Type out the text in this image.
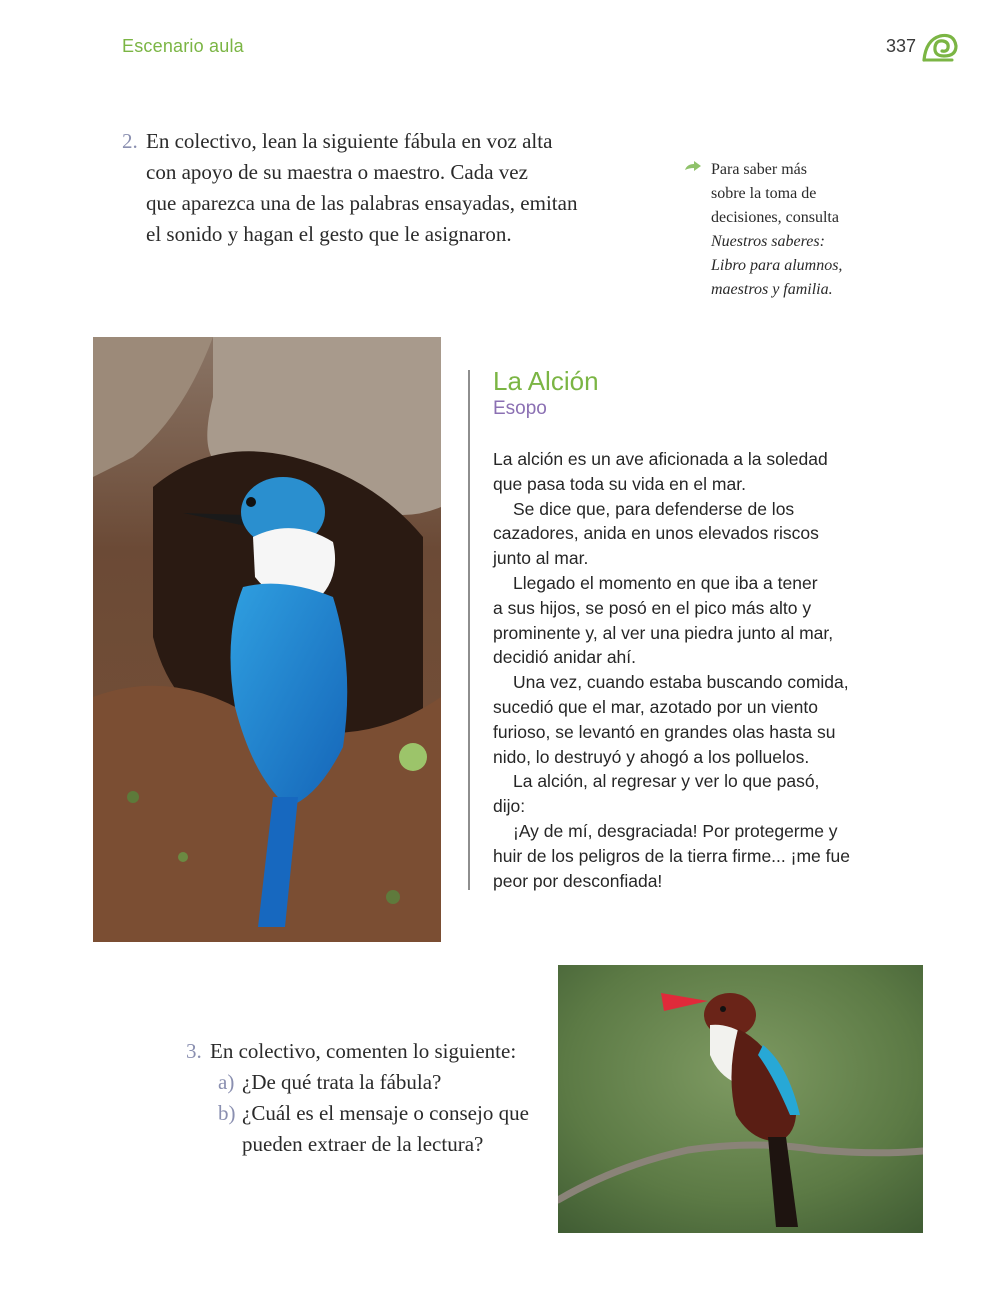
Escenario aula	337
2. En colectivo, lean la siguiente fábula en voz alta
con apoyo de su maestra o maestro. Cada vez
que aparezca una de las palabras ensayadas, emitan
el sonido y hagan el gesto que le asignaron.
Para saber más
sobre la toma de
decisiones, consulta
Nuestros saberes:
Libro para alumnos,
maestros y familia.
La Alción
Esopo
La alción es un ave aficionada a la soledad
que pasa toda su vida en el mar.
Se dice que, para defenderse de los
cazadores, anida en unos elevados riscos
junto al mar.
Llegado el momento en que iba a tener
a sus hijos, se posó en el pico más alto y
prominente y, al ver una piedra junto al mar,
decidió anidar ahí.
Una vez, cuando estaba buscando comida,
sucedió que el mar, azotado por un viento
furioso, se levantó en grandes olas hasta su
nido, lo destruyó y ahogó a los polluelos.
La alción, al regresar y ver lo que pasó,
dijo:
¡Ay de mí, desgraciada! Por protegerme y
huir de los peligros de la tierra firme... ¡me fue
peor por desconfiada!
3. En colectivo, comenten lo siguiente:
a) ¿De qué trata la fábula?
b) ¿Cuál es el mensaje o consejo que
pueden extraer de la lectura?
